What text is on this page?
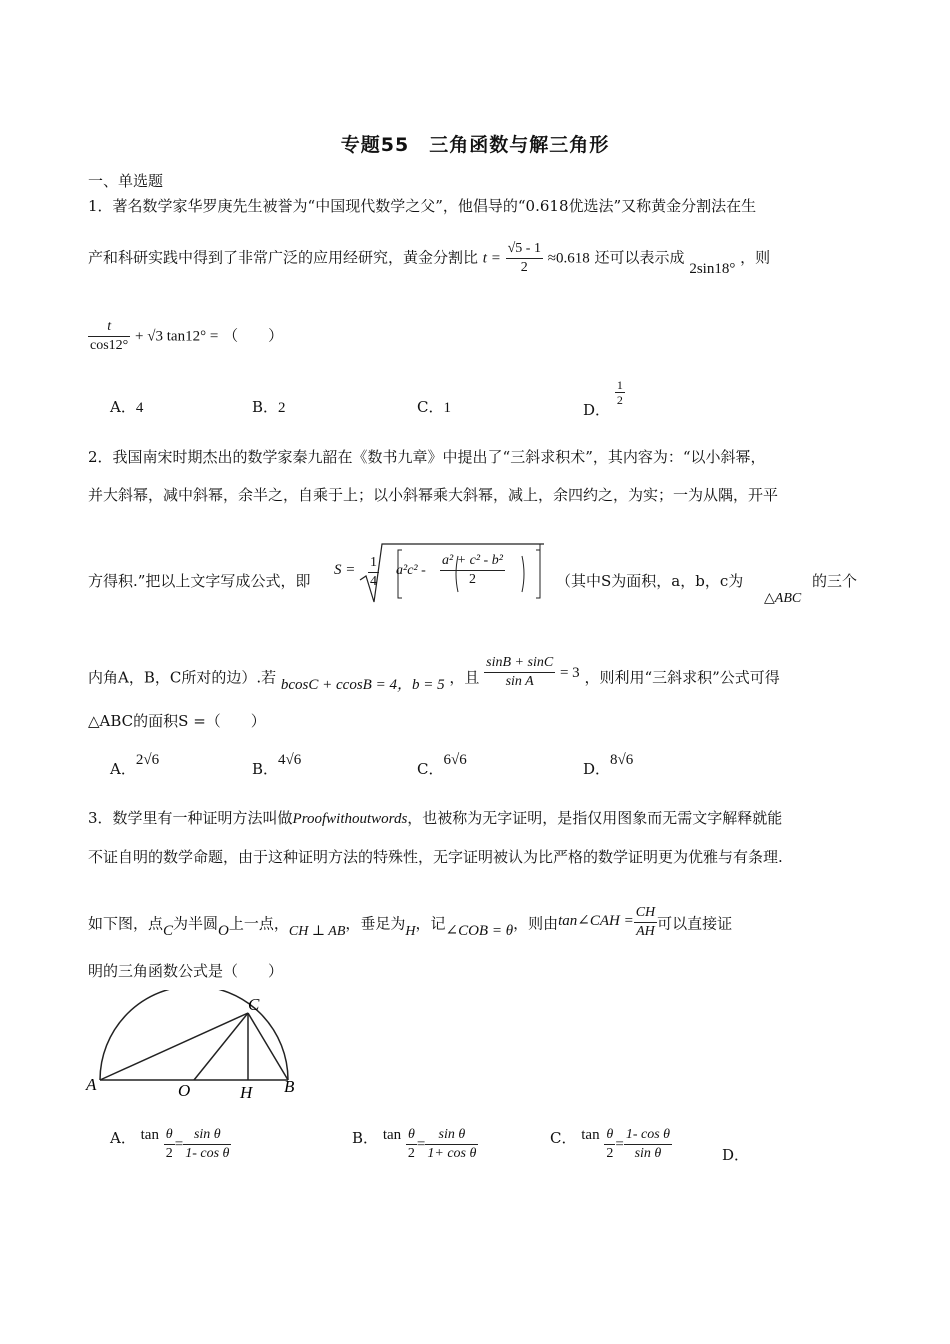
专题55　三角函数与解三角形
一、单选题
1．著名数学家华罗庚先生被誉为“中国现代数学之父”，他倡导的“0.618优选法”又称黄金分割法在生
产和科研实践中得到了非常广泛的应用经研究，黄金分割比 $t = \frac{√5 - 1}{2} \approx 0.618$ 还可以表示成 2sin18° ，则
$\frac{t}{\cos 12^\circ} + √3$ tan12° = （　　）
A．4	B．2	C．1	D．
$\frac{1}{2}$
2．我国南宋时期杰出的数学家秦九韶在《数书九章》中提出了“三斜求积术”，其内容为：“以小斜幂，
并大斜幂，减中斜幂，余半之，自乘于上；以小斜幂乘大斜幂，减上，余四约之，为实；一为从隅，开平
方得积.”把以上文字写成公式，即
$S = \frac{1}{4} a^2c^2 - \frac{\text{a² + c² - b²}}{2}$	（其中S为面积，a，b，c为
△ABC
的三个
内角A，B，C所对的边）.若 bcosC + ccosB = 4，b = 5 ，且 $\frac{\sin B + \sin C}{\text{sin A}} = 3$ ，则利用“三斜求积”公式可得
△ABC的面积S =（　　）
A．2√6	B．4√6	C．6√6	D．8√6
3．数学里有一种证明方法叫做Proofwithoutwords，也被称为无字证明，是指仅用图象而无需文字解释就能
不证自明的数学命题，由于这种证明方法的特殊性，无字证明被认为比严格的数学证明更为优雅与有条理.
如下图，点C为半圆O上一点，CH ⊥ AB，垂足为H，记∠COB = θ，则由tan∠CAH = $\frac{CH}{AH}$ 可以直接证
明的三角函数公式是（　　）
A	O	H B
C
A． $\tan \frac{\theta}{2} = \frac{\text{sin θ}}{\text{1- cos θ}}$	B． $\tan \frac{\theta}{2} = \frac{\text{sin θ}}{\text{1+ cos θ}}$	C． $\tan \frac{\theta}{2} = \frac{\text{1- cos θ}}{\text{sin θ}}$	D．
